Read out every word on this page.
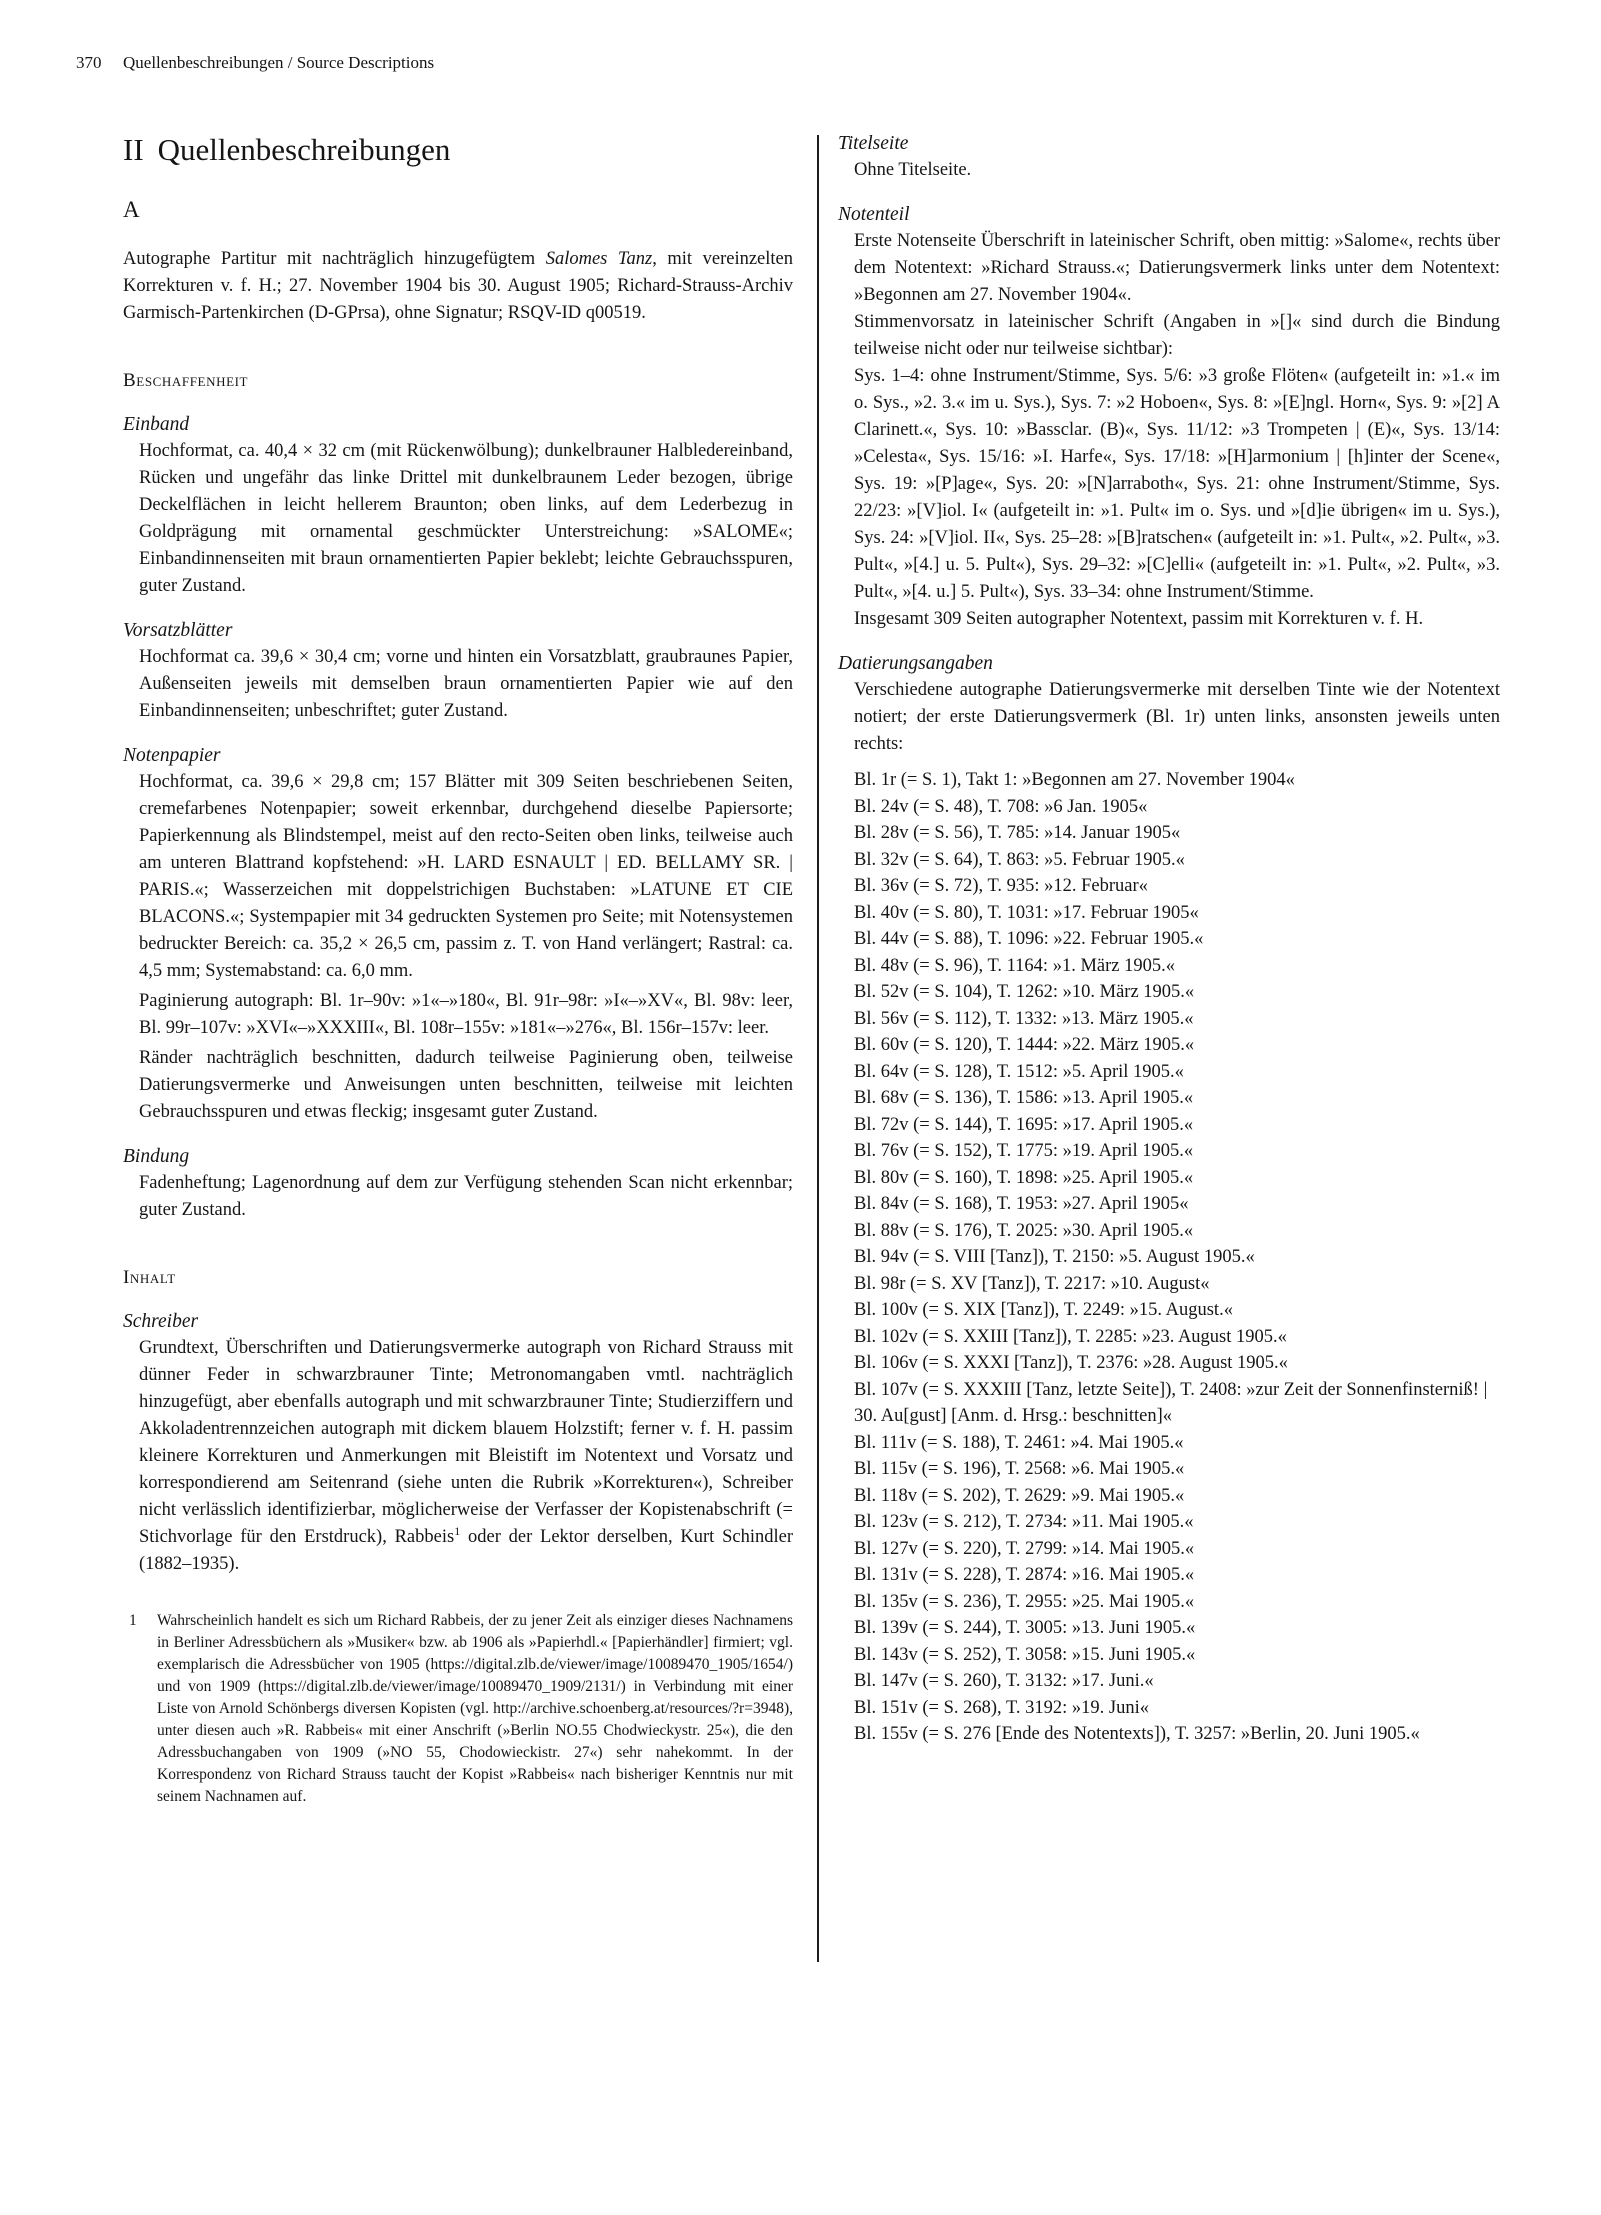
370 Quellenbeschreibungen / Source Descriptions
II Quellenbeschreibungen
A

Autographe Partitur mit nachträglich hinzugefügtem Salomes Tanz, mit vereinzelten Korrekturen v. f. H.; 27. November 1904 bis 30. August 1905; Richard-Strauss-Archiv Garmisch-Partenkirchen (D-GPrsa), ohne Signatur; RSQV-ID q00519.

Beschaffenheit
Einband

Hochformat, ca. 40,4 × 32 cm (mit Rückenwölbung); dunkelbrauner Halbledereinband, Rücken und ungefähr das linke Drittel mit dunkelbraunem Leder bezogen, übrige Deckelflächen in leicht hellerem Braunton; oben links, auf dem Lederbezug in Goldprägung mit ornamental geschmückter Unterstreichung: »SALOME«; Einbandinnenseiten mit braun ornamentierten Papier beklebt; leichte Gebrauchsspuren, guter Zustand.

Vorsatzblätter

Hochformat ca. 39,6 × 30,4 cm; vorne und hinten ein Vorsatzblatt, graubraunes Papier, Außenseiten jeweils mit demselben braun ornamentierten Papier wie auf den Einbandinnenseiten; unbeschriftet; guter Zustand.

Notenpapier

Hochformat, ca. 39,6 × 29,8 cm; 157 Blätter mit 309 Seiten beschriebenen Seiten, cremefarbenes Notenpapier; soweit erkennbar, durchgehend dieselbe Papiersorte; Papierkennung als Blindstempel, meist auf den recto-Seiten oben links, teilweise auch am unteren Blattrand kopfstehend: »H. LARD ESNAULT | ED. BELLAMY SR. | PARIS.«; Wasserzeichen mit doppelstrichigen Buchstaben: »LATUNE ET CIE BLACONS.«; Systempapier mit 34 gedruckten Systemen pro Seite; mit Notensystemen bedruckter Bereich: ca. 35,2 × 26,5 cm, passim z. T. von Hand verlängert; Rastral: ca. 4,5 mm; Systemabstand: ca. 6,0 mm.

Paginierung autograph: Bl. 1r–90v: »1«–»180«, Bl. 91r–98r: »I«–»XV«, Bl. 98v: leer, Bl. 99r–107v: »XVI«–»XXXIII«, Bl. 108r–155v: »181«–»276«, Bl. 156r–157v: leer.

Ränder nachträglich beschnitten, dadurch teilweise Paginierung oben, teilweise Datierungsvermerke und Anweisungen unten beschnitten, teilweise mit leichten Gebrauchsspuren und etwas fleckig; insgesamt guter Zustand.

Bindung

Fadenheftung; Lagenordnung auf dem zur Verfügung stehenden Scan nicht erkennbar; guter Zustand.

Inhalt
Schreiber

Grundtext, Überschriften und Datierungsvermerke autograph von Richard Strauss mit dünner Feder in schwarzbrauner Tinte; Metronomangaben vmtl. nachträglich hinzugefügt, aber ebenfalls autograph und mit schwarzbrauner Tinte; Studierziffern und Akkoladentrennzeichen autograph mit dickem blauem Holzstift; ferner v. f. H. passim kleinere Korrekturen und Anmerkungen mit Bleistift im Notentext und Vorsatz und korrespondierend am Seitenrand (siehe unten die Rubrik »Korrekturen«), Schreiber nicht verlässlich identifizierbar, möglicherweise der Verfasser der Kopistenabschrift (= Stichvorlage für den Erstdruck), Rabbeis$^1$ oder der Lektor derselben, Kurt Schindler (1882–1935).

1	Wahrscheinlich handelt es sich um Richard Rabbeis, der zu jener Zeit als einziger dieses Nachnamens in Berliner Adressbüchern als »Musiker« bzw. ab 1906 als »Papierhdl.« [Papierhändler] firmiert; vgl. exemplarisch die Adressbücher von 1905 (https://digital.zlb.de/viewer/image/10089470_1905/1654/) und von 1909 (https://digital.zlb.de/viewer/image/10089470_1909/2131/) in Verbindung mit einer Liste von Arnold Schönbergs diversen Kopisten (vgl. http://archive.schoenberg.at/resources/?r=3948), unter diesen auch »R. Rabbeis« mit einer Anschrift (»Berlin NO.55 Chodwieckystr. 25«), die den Adressbuchangaben von 1909 (»NO 55, Chodowieckistr. 27«) sehr nahekommt. In der Korrespondenz von Richard Strauss taucht der Kopist »Rabbeis« nach bisheriger Kenntnis nur mit seinem Nachnamen auf.
Titelseite

Ohne Titelseite.

Notenteil

Erste Notenseite Überschrift in lateinischer Schrift, oben mittig: »Salome«, rechts über dem Notentext: »Richard Strauss.«; Datierungsvermerk links unter dem Notentext: »Begonnen am 27. November 1904«.

Stimmenvorsatz in lateinischer Schrift (Angaben in »[]« sind durch die Bindung teilweise nicht oder nur teilweise sichtbar):

Sys. 1–4: ohne Instrument/Stimme, Sys. 5/6: »3 große Flöten« (aufgeteilt in: »1.« im o. Sys., »2. 3.« im u. Sys.), Sys. 7: »2 Hoboen«, Sys. 8: »[E]ngl. Horn«, Sys. 9: »[2] A Clarinett.«, Sys. 10: »Bassclar. (B)«, Sys. 11/12: »3 Trompeten | (E)«, Sys. 13/14: »Celesta«, Sys. 15/16: »I. Harfe«, Sys. 17/18: »[H]armonium | [h]inter der Scene«, Sys. 19: »[P]age«, Sys. 20: »[N]arraboth«, Sys. 21: ohne Instrument/Stimme, Sys. 22/23: »[V]iol. I« (aufgeteilt in: »1. Pult« im o. Sys. und »[d]ie übrigen« im u. Sys.), Sys. 24: »[V]iol. II«, Sys. 25–28: »[B]ratschen« (aufgeteilt in: »1. Pult«, »2. Pult«, »3. Pult«, »[4.] u. 5. Pult«), Sys. 29–32: »[C]elli« (aufgeteilt in: »1. Pult«, »2. Pult«, »3. Pult«, »[4. u.] 5. Pult«), Sys. 33–34: ohne Instrument/Stimme.

Insgesamt 309 Seiten autographer Notentext, passim mit Korrekturen v. f. H.

Datierungsangaben

Verschiedene autographe Datierungsvermerke mit derselben Tinte wie der Notentext notiert; der erste Datierungsvermerk (Bl. 1r) unten links, ansonsten jeweils unten rechts:

Bl. 1r (= S. 1), Takt 1: »Begonnen am 27. November 1904«
Bl. 24v (= S. 48), T. 708: »6 Jan. 1905«
Bl. 28v (= S. 56), T. 785: »14. Januar 1905«
Bl. 32v (= S. 64), T. 863: »5. Februar 1905.«
Bl. 36v (= S. 72), T. 935: »12. Februar«
Bl. 40v (= S. 80), T. 1031: »17. Februar 1905«
Bl. 44v (= S. 88), T. 1096: »22. Februar 1905.«
Bl. 48v (= S. 96), T. 1164: »1. März 1905.«
Bl. 52v (= S. 104), T. 1262: »10. März 1905.«
Bl. 56v (= S. 112), T. 1332: »13. März 1905.«
Bl. 60v (= S. 120), T. 1444: »22. März 1905.«
Bl. 64v (= S. 128), T. 1512: »5. April 1905.«
Bl. 68v (= S. 136), T. 1586: »13. April 1905.«
Bl. 72v (= S. 144), T. 1695: »17. April 1905.«
Bl. 76v (= S. 152), T. 1775: »19. April 1905.«
Bl. 80v (= S. 160), T. 1898: »25. April 1905.«
Bl. 84v (= S. 168), T. 1953: »27. April 1905«
Bl. 88v (= S. 176), T. 2025: »30. April 1905.«
Bl. 94v (= S. VIII [Tanz]), T. 2150: »5. August 1905.«
Bl. 98r (= S. XV [Tanz]), T. 2217: »10. August«
Bl. 100v (= S. XIX [Tanz]), T. 2249: »15. August.«
Bl. 102v (= S. XXIII [Tanz]), T. 2285: »23. August 1905.«
Bl. 106v (= S. XXXI [Tanz]), T. 2376: »28. August 1905.«
Bl. 107v (= S. XXXIII [Tanz, letzte Seite]), T. 2408: »zur Zeit der Sonnenfinsterniß! | 30. Au[gust] [Anm. d. Hrsg.: beschnitten]«
Bl. 111v (= S. 188), T. 2461: »4. Mai 1905.«
Bl. 115v (= S. 196), T. 2568: »6. Mai 1905.«
Bl. 118v (= S. 202), T. 2629: »9. Mai 1905.«
Bl. 123v (= S. 212), T. 2734: »11. Mai 1905.«
Bl. 127v (= S. 220), T. 2799: »14. Mai 1905.«
Bl. 131v (= S. 228), T. 2874: »16. Mai 1905.«
Bl. 135v (= S. 236), T. 2955: »25. Mai 1905.«
Bl. 139v (= S. 244), T. 3005: »13. Juni 1905.«
Bl. 143v (= S. 252), T. 3058: »15. Juni 1905.«
Bl. 147v (= S. 260), T. 3132: »17. Juni.«
Bl. 151v (= S. 268), T. 3192: »19. Juni«
Bl. 155v (= S. 276 [Ende des Notentexts]), T. 3257: »Berlin, 20. Juni 1905.«
